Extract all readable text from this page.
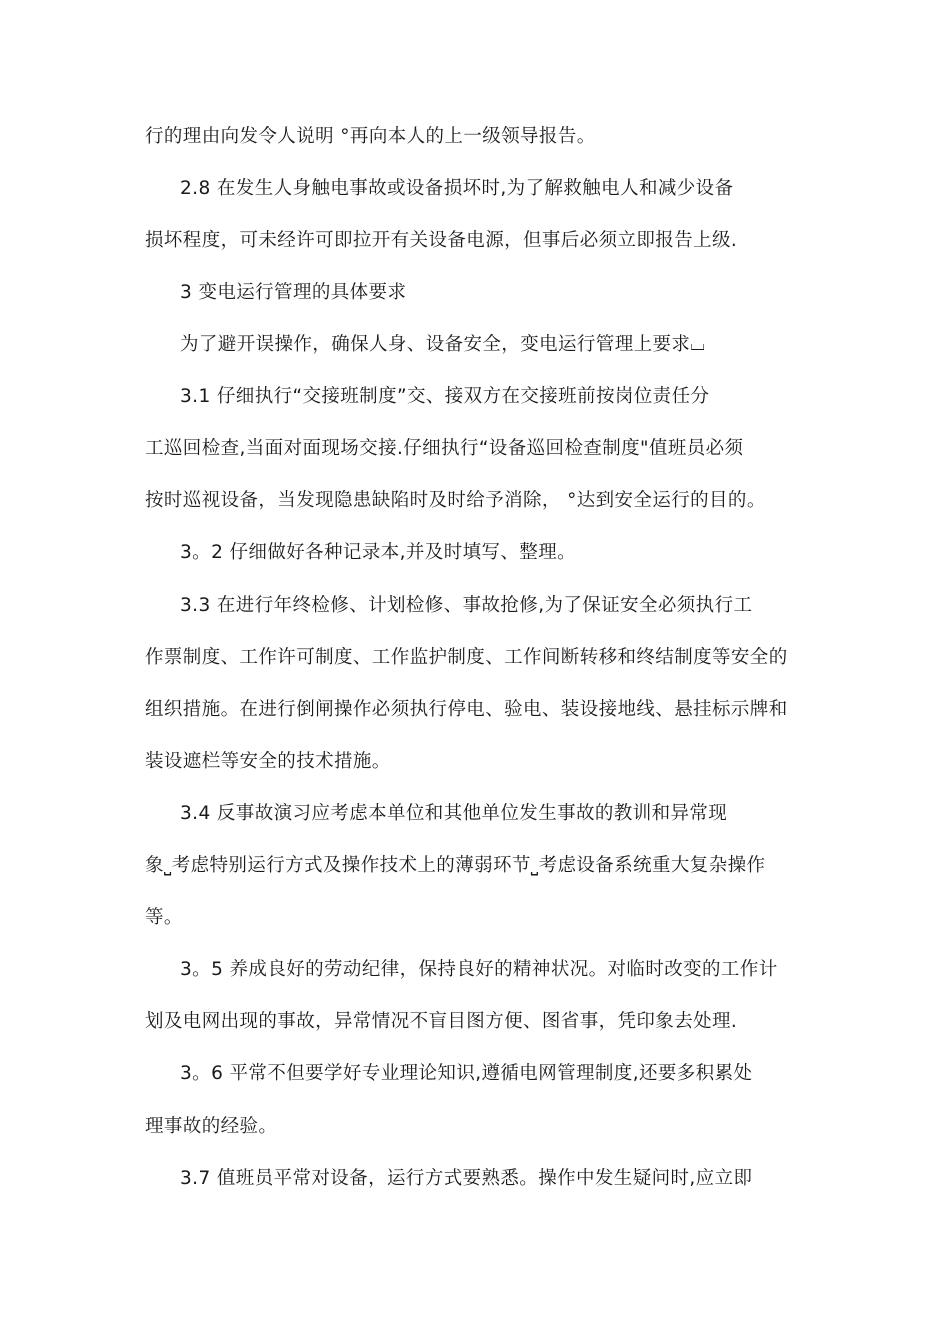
行的理由向发令人说明 °再向本人的上一级领导报告。
2.8 在发生人身触电事故或设备损坏时,为了解救触电人和减少设备
损坏程度，可未经许可即拉开有关设备电源，但事后必须立即报告上级.
3 变电运行管理的具体要求
为了避开误操作，确保人身、设备安全，变电运行管理上要求⌴
3.1 仔细执行“交接班制度”交、接双方在交接班前按岗位责任分
工巡回检查,当面对面现场交接.仔细执行“设备巡回检查制度"值班员必须
按时巡视设备，当发现隐患缺陷时及时给予消除， °达到安全运行的目的。
3。2 仔细做好各种记录本,并及时填写、整理。
3.3 在进行年终检修、计划检修、事故抢修,为了保证安全必须执行工
作票制度、工作许可制度、工作监护制度、工作间断转移和终结制度等安全的
组织措施。在进行倒闸操作必须执行停电、验电、装设接地线、悬挂标示牌和
装设遮栏等安全的技术措施。
3.4 反事故演习应考虑本单位和其他单位发生事故的教训和异常现
象⎵考虑特别运行方式及操作技术上的薄弱环节⎵考虑设备系统重大复杂操作
等。
3。5 养成良好的劳动纪律，保持良好的精神状况。对临时改变的工作计
划及电网出现的事故，异常情况不盲目图方便、图省事，凭印象去处理.
3。6 平常不但要学好专业理论知识,遵循电网管理制度,还要多积累处
理事故的经验。
3.7 值班员平常对设备，运行方式要熟悉。操作中发生疑问时,应立即
